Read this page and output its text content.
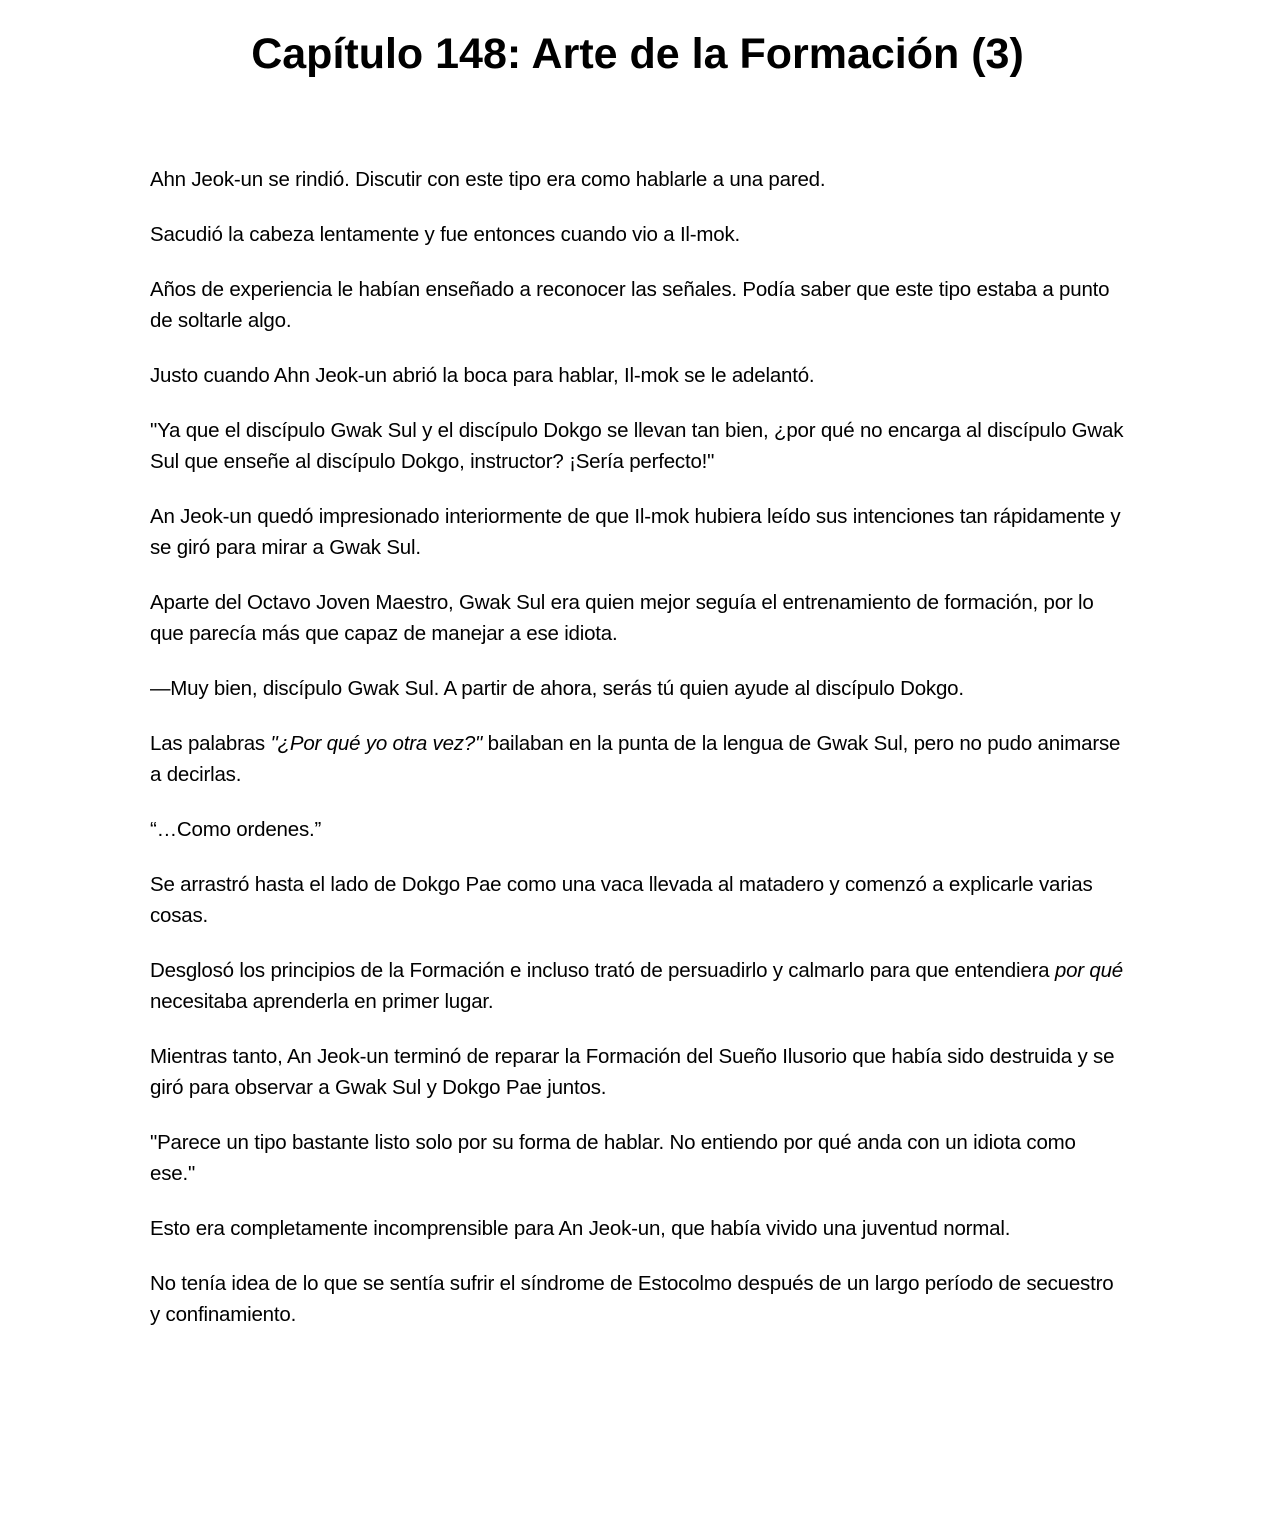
Capítulo 148: Arte de la Formación (3)

Ahn Jeok-un se rindió. Discutir con este tipo era como hablarle a una pared.

Sacudió la cabeza lentamente y fue entonces cuando vio a Il-mok.

Años de experiencia le habían enseñado a reconocer las señales. Podía saber que este tipo estaba a punto de soltarle algo.

Justo cuando Ahn Jeok-un abrió la boca para hablar, Il-mok se le adelantó.

"Ya que el discípulo Gwak Sul y el discípulo Dokgo se llevan tan bien, ¿por qué no encarga al discípulo Gwak Sul que enseñe al discípulo Dokgo, instructor? ¡Sería perfecto!"

An Jeok-un quedó impresionado interiormente de que Il-mok hubiera leído sus intenciones tan rápidamente y se giró para mirar a Gwak Sul.

Aparte del Octavo Joven Maestro, Gwak Sul era quien mejor seguía el entrenamiento de formación, por lo que parecía más que capaz de manejar a ese idiota.

—Muy bien, discípulo Gwak Sul. A partir de ahora, serás tú quien ayude al discípulo Dokgo.

Las palabras "¿Por qué yo otra vez?" bailaban en la punta de la lengua de Gwak Sul, pero no pudo animarse a decirlas.

“…Como ordenes.”

Se arrastró hasta el lado de Dokgo Pae como una vaca llevada al matadero y comenzó a explicarle varias cosas.

Desglosó los principios de la Formación e incluso trató de persuadirlo y calmarlo para que entendiera por qué necesitaba aprenderla en primer lugar.

Mientras tanto, An Jeok-un terminó de reparar la Formación del Sueño Ilusorio que había sido destruida y se giró para observar a Gwak Sul y Dokgo Pae juntos.

"Parece un tipo bastante listo solo por su forma de hablar. No entiendo por qué anda con un idiota como ese."

Esto era completamente incomprensible para An Jeok-un, que había vivido una juventud normal.

No tenía idea de lo que se sentía sufrir el síndrome de Estocolmo después de un largo período de secuestro y confinamiento.
